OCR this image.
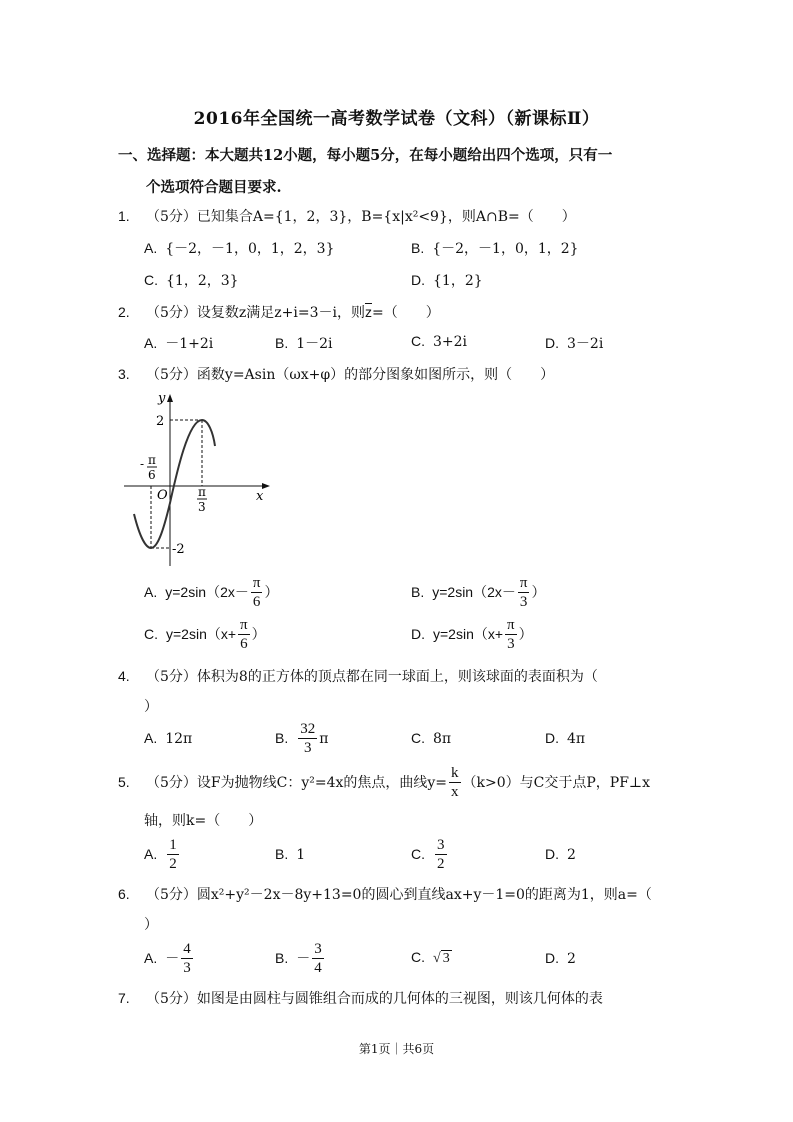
2016年全国统一高考数学试卷（文科）（新课标Ⅱ）
一、选择题：本大题共12小题，每小题5分，在每小题给出四个选项，只有一
个选项符合题目要求.
1. （5分）已知集合A={1，2，3}，B={x|x²<9}，则A∩B=（　　）
A. {－2，－1，0，1，2，3}	B. {－2，－1，0，1，2}
C. {1，2，3}	D. {1，2}
2. （5分）设复数z满足z+i=3－i，则$\overline{z}=$（　　）
A. －1+2i	B. 1－2i	C. 3+2i	D. 3－2i
3. （5分）函数y=Asin（ωx+φ）的部分图象如图所示，则（　　）
y
x
O
2
-2
- π
6
π
3
A. $y=2\sin(2x- \frac{\pi}{6}$ ）	B. $y=2\sin(2x- \frac{\pi}{3}$ ）
C. $y=2\sin(x+ \frac{\pi}{6}$ ）	D. $y=2\sin(x+ \frac{\pi}{3}$ ）
4. （5分）体积为8的正方体的顶点都在同一球面上，则该球面的表面积为（
）
A. 12π	B. $\frac{32}{3}$ π	C. 8π	D. 4π
5. （5分）设F为抛物线C：y²=4x的焦点，曲线$y= \frac{k}{x} (k>0)$与C交于点P，PF⊥x
轴，则k=（　　）
A. $\frac{1}{2}$	B. 1	C. $\frac{3}{2}$	D. 2
6. （5分）圆x²+y²－2x－8y+13=0的圆心到直线ax+y－1=0的距离为1，则a=（
）
A. － $\frac{4}{3}$	B. － $\frac{3}{4}$	C. √ 3	D. 2
7. （5分）如图是由圆柱与圆锥组合而成的几何体的三视图，则该几何体的表
第1页｜共6页
